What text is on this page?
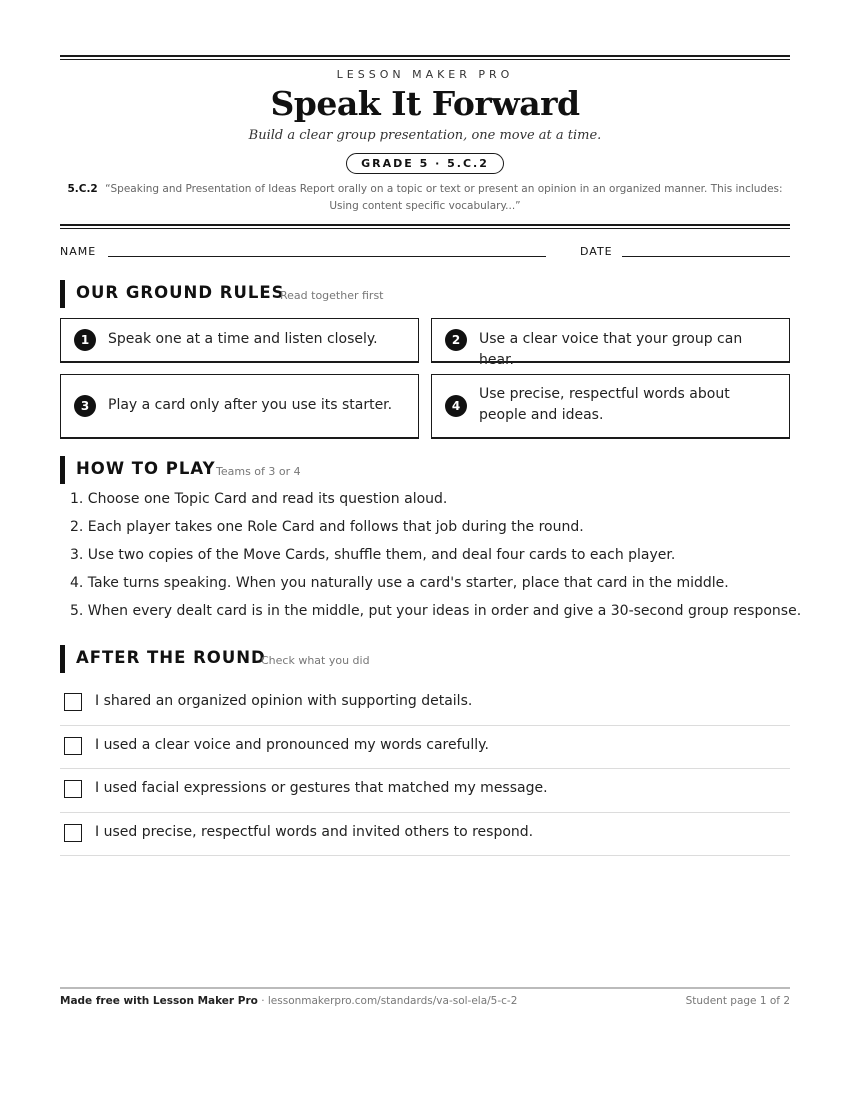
LESSON MAKER PRO
Speak It Forward
Build a clear group presentation, one move at a time.
GRADE 5 · 5.C.2
5.C.2 “Speaking and Presentation of Ideas Report orally on a topic or text or present an opinion in an organized manner. This includes: Using content specific vocabulary...”
NAME	DATE
OUR GROUND RULES
Read together first
1	Speak one at a time and listen closely.	2	Use a clear voice that your group can hear.
3	Play a card only after you use its starter.	4
Use precise, respectful words about people and ideas.
HOW TO PLAY Teams of 3 or 4
1. Choose one Topic Card and read its question aloud.
2. Each player takes one Role Card and follows that job during the round.
3. Use two copies of the Move Cards, shuffle them, and deal four cards to each player.
4. Take turns speaking. When you naturally use a card's starter, place that card in the middle.
5. When every dealt card is in the middle, put your ideas in order and give a 30-second group response.
AFTER THE ROUND
Check what you did
I shared an organized opinion with supporting details.
I used a clear voice and pronounced my words carefully.
I used facial expressions or gestures that matched my message.
I used precise, respectful words and invited others to respond.
Made free with Lesson Maker Pro · lessonmakerpro.com/standards/va-sol-ela/5-c-2	Student page 1 of 2
